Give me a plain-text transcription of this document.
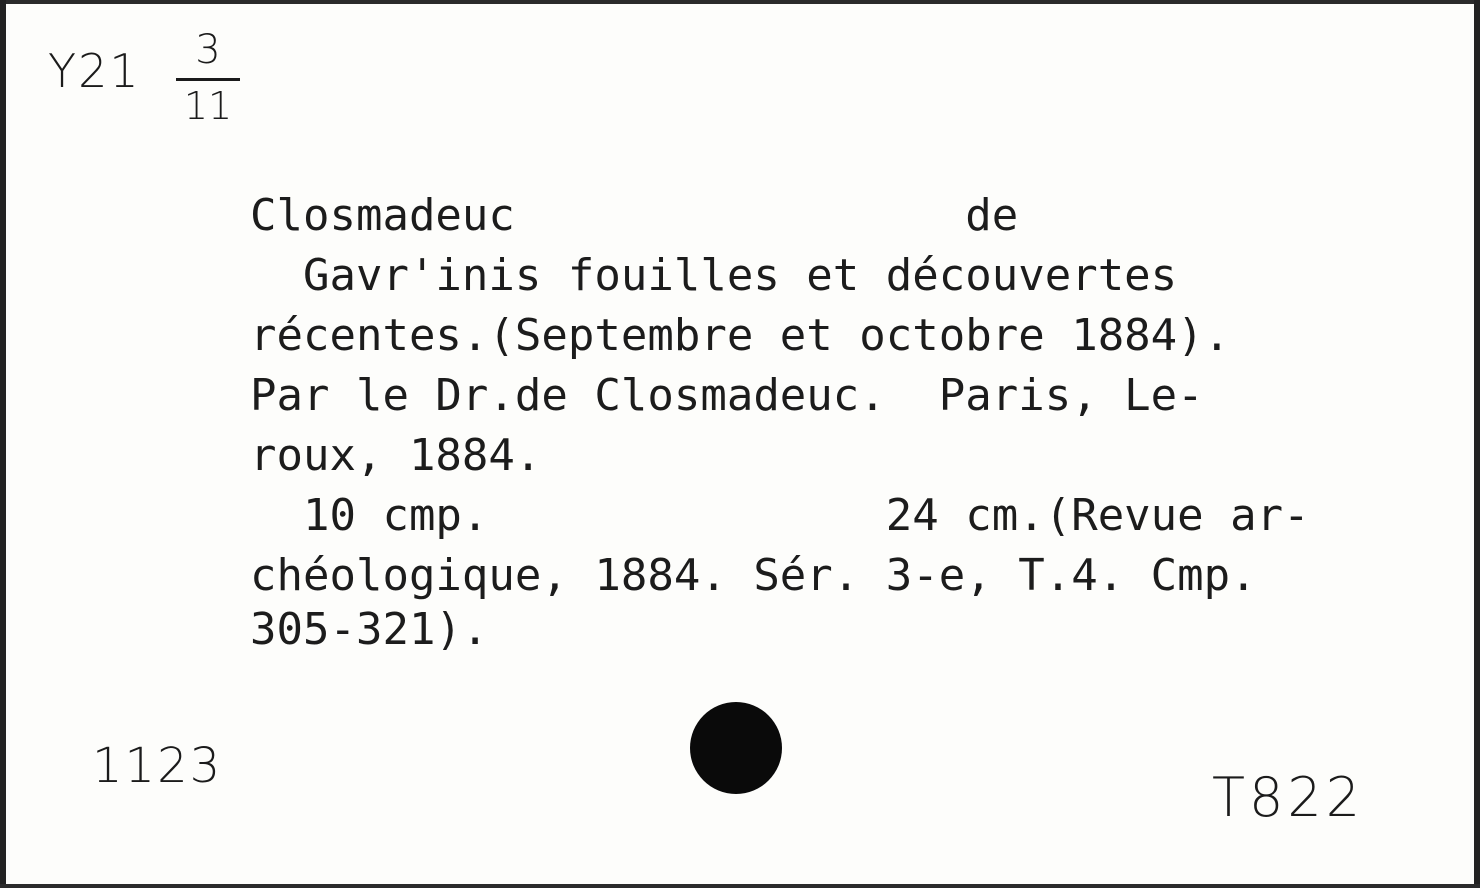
Y21	3
11
Closmadeuc                 de
Gavr'inis fouilles et découvertes
récentes.(Septembre et octobre 1884).
Par le Dr.de Closmadeuc.  Paris, Le-
roux, 1884.
10 cmp.               24 cm.(Revue ar-
chéologique, 1884. Sér. 3-e, T.4. Cmp.
305-321).
1123	T822
